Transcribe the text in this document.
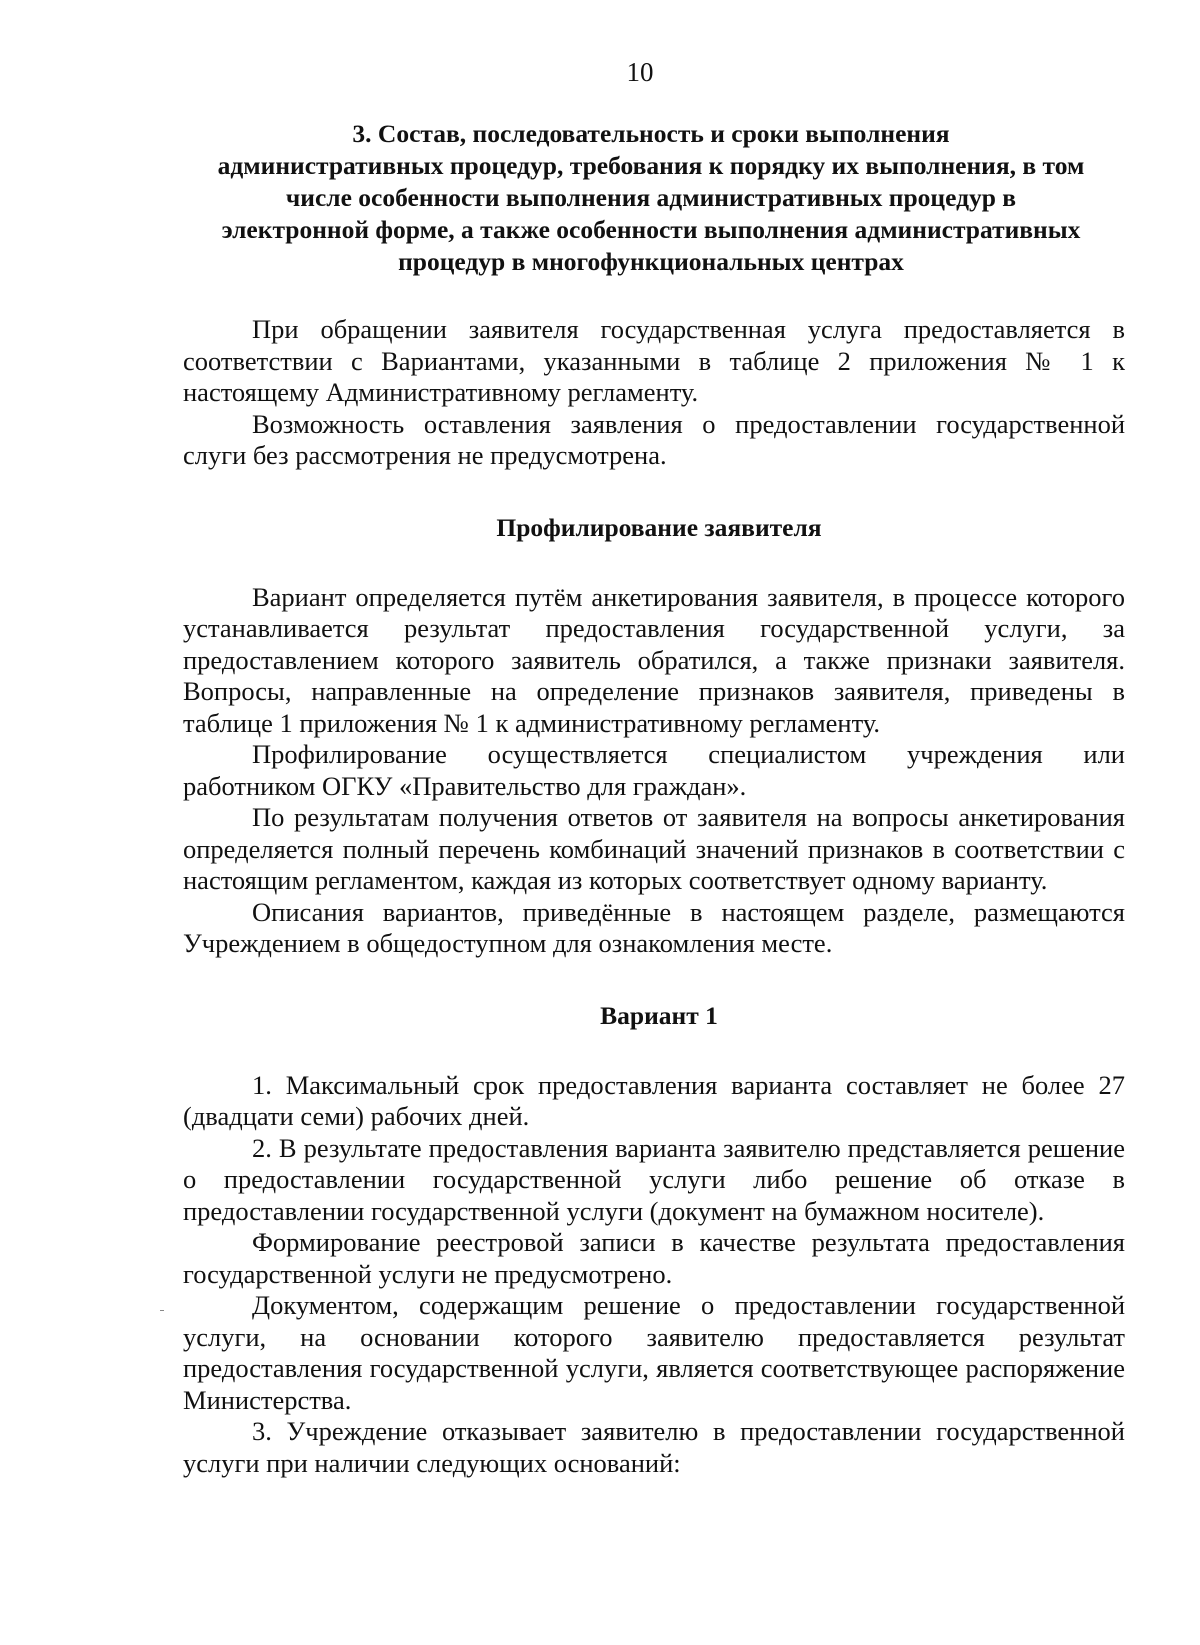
10
3. Состав, последовательность и сроки выполнения
административных процедур, требования к порядку их выполнения, в том
числе особенности выполнения административных процедур в
электронной форме, а также особенности выполнения административных
процедур в многофункциональных центрах

При обращении заявителя государственная услуга предоставляется в соответствии с Вариантами, указанными в таблице 2 приложения № 1 к настоящему Административному регламенту.

Возможность оставления заявления о предоставлении государственной слуги без рассмотрения не предусмотрена.

Профилирование заявителя

Вариант определяется путём анкетирования заявителя, в процессе которого устанавливается результат предоставления государственной услуги, за предоставлением которого заявитель обратился, а также признаки заявителя. Вопросы, направленные на определение признаков заявителя, приведены в таблице 1 приложения № 1 к административному регламенту.

Профилирование осуществляется специалистом учреждения или работником ОГКУ «Правительство для граждан».

По результатам получения ответов от заявителя на вопросы анкетирования определяется полный перечень комбинаций значений признаков в соответствии с настоящим регламентом, каждая из которых соответствует одному варианту.

Описания вариантов, приведённые в настоящем разделе, размещаются Учреждением в общедоступном для ознакомления месте.

Вариант 1

1. Максимальный срок предоставления варианта составляет не более 27 (двадцати семи) рабочих дней.

2. В результате предоставления варианта заявителю представляется решение о предоставлении государственной услуги либо решение об отказе в предоставлении государственной услуги (документ на бумажном носителе).

Формирование реестровой записи в качестве результата предоставления государственной услуги не предусмотрено.

Документом, содержащим решение о предоставлении государственной услуги, на основании которого заявителю предоставляется результат предоставления государственной услуги, является соответствующее распоряжение Министерства.

3. Учреждение отказывает заявителю в предоставлении государственной услуги при наличии следующих оснований:
